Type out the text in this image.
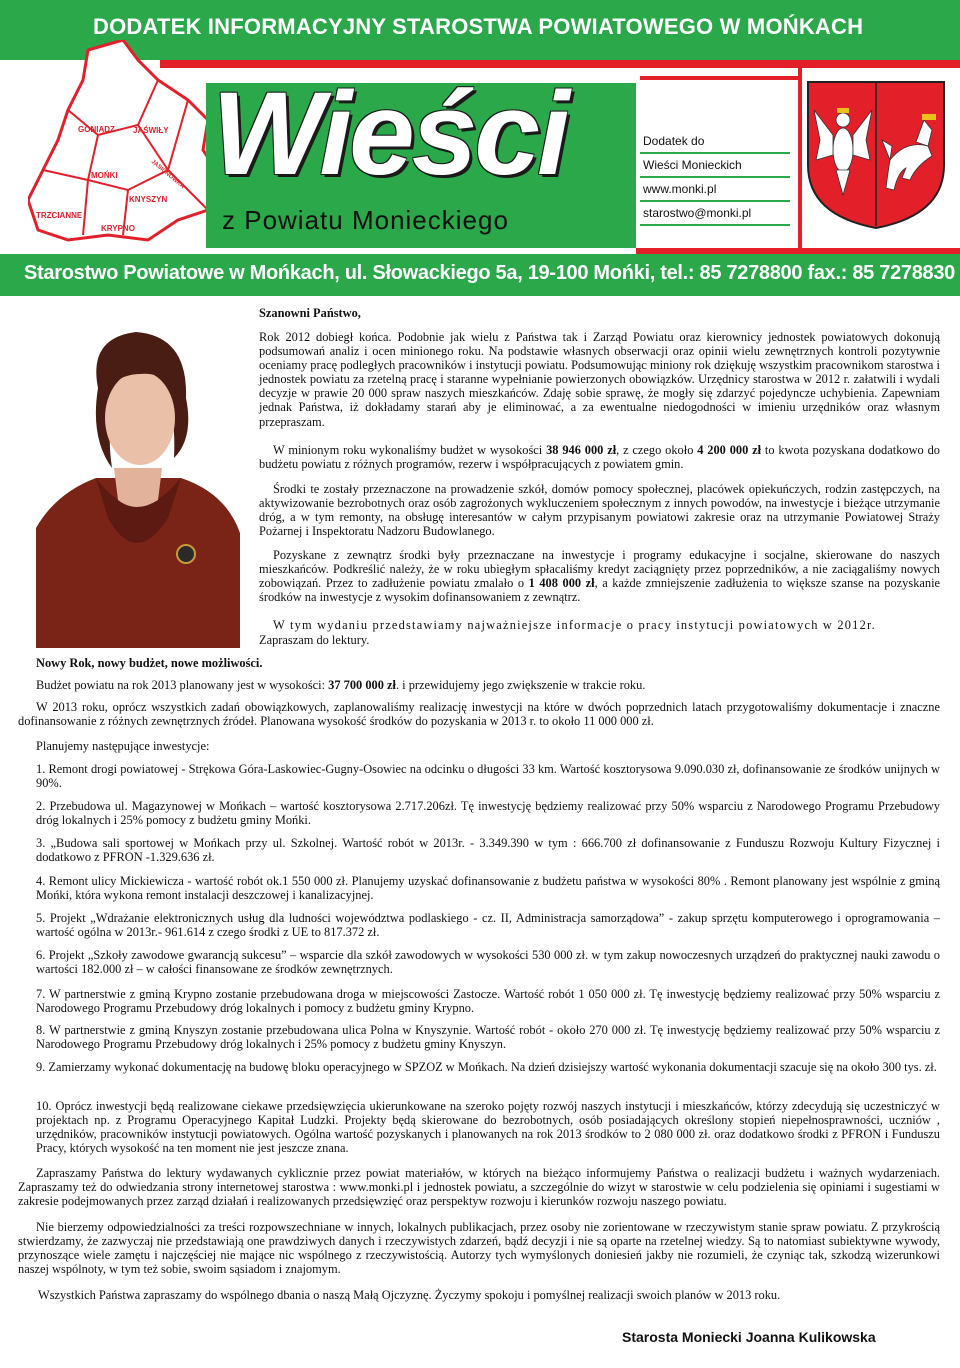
DODATEK INFORMACYJNY STAROSTWA POWIATOWEGO W MOŃKACH
GONIĄDZ JAŚWIŁY
MOŃKI	JASIONÓWKA
KNYSZYN
TRZCIANNE
KRYPNO
Wieści
z Powiatu Monieckiego
Dodatek do
Wieści Monieckich
www.monki.pl
starostwo@monki.pl
Starostwo Powiatowe w Mońkach, ul. Słowackiego 5a, 19-100 Mońki, tel.: 85 7278800 fax.: 85 7278830
Szanowni Państwo,

Rok 2012 dobiegł końca. Podobnie jak wielu z Państwa tak i Zarząd Powiatu oraz kierownicy jednostek powiatowych dokonują podsumowań analiz i ocen minionego roku. Na podstawie własnych obserwacji oraz opinii wielu zewnętrznych kontroli pozytywnie oceniamy pracę podległych pracowników i instytucji powiatu. Podsumowując miniony rok dziękuję wszystkim pracownikom starostwa i jednostek powiatu za rzetelną pracę i staranne wypełnianie powierzonych obowiązków. Urzędnicy starostwa w 2012 r. załatwili i wydali decyzje w prawie 20 000 spraw naszych mieszkańców. Zdaję sobie sprawę, że mogły się zdarzyć pojedyncze uchybienia. Zapewniam jednak Państwa, iż dokładamy starań aby je eliminować, a za ewentualne niedogodności w imieniu urzędników oraz własnym przepraszam.

W minionym roku wykonaliśmy budżet w wysokości 38 946 000 zł, z czego około 4 200 000 zł to kwota pozyskana dodatkowo do budżetu powiatu z różnych programów, rezerw i współpracujących z powiatem gmin.

Środki te zostały przeznaczone na prowadzenie szkół, domów pomocy społecznej, placówek opiekuńczych, rodzin zastępczych, na aktywizowanie bezrobotnych oraz osób zagrożonych wykluczeniem społecznym z innych powodów, na inwestycje i bieżące utrzymanie dróg, a w tym remonty, na obsługę interesantów w całym przypisanym powiatowi zakresie oraz na utrzymanie Powiatowej Straży Pożarnej i Inspektoratu Nadzoru Budowlanego.

Pozyskane z zewnątrz środki były przeznaczane na inwestycje i programy edukacyjne i socjalne, skierowane do naszych mieszkańców. Podkreślić należy, że w roku ubiegłym spłacaliśmy kredyt zaciągnięty przez poprzedników, a nie zaciągaliśmy nowych zobowiązań. Przez to zadłużenie powiatu zmalało o 1 408 000 zł, a każde zmniejszenie zadłużenia to większe szanse na pozyskanie środków na inwestycje z wysokim dofinansowaniem z zewnątrz.

W tym wydaniu przedstawiamy najważniejsze informacje o pracy instytucji powiatowych w 2012r.

Zapraszam do lektury.

Nowy Rok, nowy budżet, nowe możliwości.

Budżet powiatu na rok 2013 planowany jest w wysokości: 37 700 000 zł. i przewidujemy jego zwiększenie w trakcie roku.

W 2013 roku, oprócz wszystkich zadań obowiązkowych, zaplanowaliśmy realizację inwestycji na które w dwóch poprzednich latach przygotowaliśmy dokumentacje i znaczne dofinansowanie z różnych zewnętrznych źródeł. Planowana wysokość środków do pozyskania w 2013 r. to około 11 000 000 zł.

Planujemy następujące inwestycje:

1. Remont drogi powiatowej - Strękowa Góra-Laskowiec-Gugny-Osowiec na odcinku o długości 33 km. Wartość kosztorysowa 9.090.030 zł, dofinansowanie ze środków unijnych w 90%.

2. Przebudowa ul. Magazynowej w Mońkach – wartość kosztorysowa 2.717.206zł. Tę inwestycję będziemy realizować przy 50% wsparciu z Narodowego Programu Przebudowy dróg lokalnych i 25% pomocy z budżetu gminy Mońki.

3. „Budowa sali sportowej w Mońkach przy ul. Szkolnej. Wartość robót w 2013r. - 3.349.390 w tym : 666.700 zł dofinansowanie z Funduszu Rozwoju Kultury Fizycznej i dodatkowo z PFRON -1.329.636 zł.

4. Remont ulicy Mickiewicza - wartość robót ok.1 550 000 zł. Planujemy uzyskać dofinansowanie z budżetu państwa w wysokości 80% . Remont planowany jest wspólnie z gminą Mońki, która wykona remont instalacji deszczowej i kanalizacyjnej.

5. Projekt „Wdrażanie elektronicznych usług dla ludności województwa podlaskiego - cz. II, Administracja samorządowa” - zakup sprzętu komputerowego i oprogramowania – wartość ogólna w 2013r.- 961.614 z czego środki z UE to 817.372 zł.

6. Projekt „Szkoły zawodowe gwarancją sukcesu” – wsparcie dla szkół zawodowych w wysokości 530 000 zł. w tym zakup nowoczesnych urządzeń do praktycznej nauki zawodu o wartości 182.000 zł – w całości finansowane ze środków zewnętrznych.

7. W partnerstwie z gminą Krypno zostanie przebudowana droga w miejscowości Zastocze. Wartość robót 1 050 000 zł. Tę inwestycję będziemy realizować przy 50% wsparciu z Narodowego Programu Przebudowy dróg lokalnych i pomocy z budżetu gminy Krypno.

8. W partnerstwie z gminą Knyszyn zostanie przebudowana ulica Polna w Knyszynie. Wartość robót - około 270 000 zł. Tę inwestycję będziemy realizować przy 50% wsparciu z Narodowego Programu Przebudowy dróg lokalnych i 25% pomocy z budżetu gminy Knyszyn.

9. Zamierzamy wykonać dokumentację na budowę bloku operacyjnego w SPZOZ w Mońkach. Na dzień dzisiejszy wartość wykonania dokumentacji szacuje się na około 300 tys. zł.

10. Oprócz inwestycji będą realizowane ciekawe przedsięwzięcia ukierunkowane na szeroko pojęty rozwój naszych instytucji i mieszkańców, którzy zdecydują się uczestniczyć w projektach np. z Programu Operacyjnego Kapitał Ludzki. Projekty będą skierowane do bezrobotnych, osób posiadających określony stopień niepełnosprawności, uczniów , urzędników, pracowników instytucji powiatowych. Ogólna wartość pozyskanych i planowanych na rok 2013 środków to 2 080 000 zł. oraz dodatkowo środki z PFRON i Funduszu Pracy, których wysokość na ten moment nie jest jeszcze znana.

Zapraszamy Państwa do lektury wydawanych cyklicznie przez powiat materiałów, w których na bieżąco informujemy Państwa o realizacji budżetu i ważnych wydarzeniach. Zapraszamy też do odwiedzania strony internetowej starostwa : www.monki.pl i jednostek powiatu, a szczególnie do wizyt w starostwie w celu podzielenia się opiniami i sugestiami w zakresie podejmowanych przez zarząd działań i realizowanych przedsięwzięć oraz perspektyw rozwoju i kierunków rozwoju naszego powiatu.

Nie bierzemy odpowiedzialności za treści rozpowszechniane w innych, lokalnych publikacjach, przez osoby nie zorientowane w rzeczywistym stanie spraw powiatu. Z przykrością stwierdzamy, że zazwyczaj nie przedstawiają one prawdziwych danych i rzeczywistych zdarzeń, bądź decyzji i nie są oparte na rzetelnej wiedzy. Są to natomiast subiektywne wywody, przynoszące wiele zamętu i najczęściej nie mające nic wspólnego z rzeczywistością. Autorzy tych wymyślonych doniesień jakby nie rozumieli, że czyniąc tak, szkodzą wizerunkowi naszej wspólnoty, w tym też sobie, swoim sąsiadom i znajomym.

Wszystkich Państwa zapraszamy do wspólnego dbania o naszą Małą Ojczyznę. Życzymy spokoju i pomyślnej realizacji swoich planów w 2013 roku.

Starosta Moniecki Joanna Kulikowska
